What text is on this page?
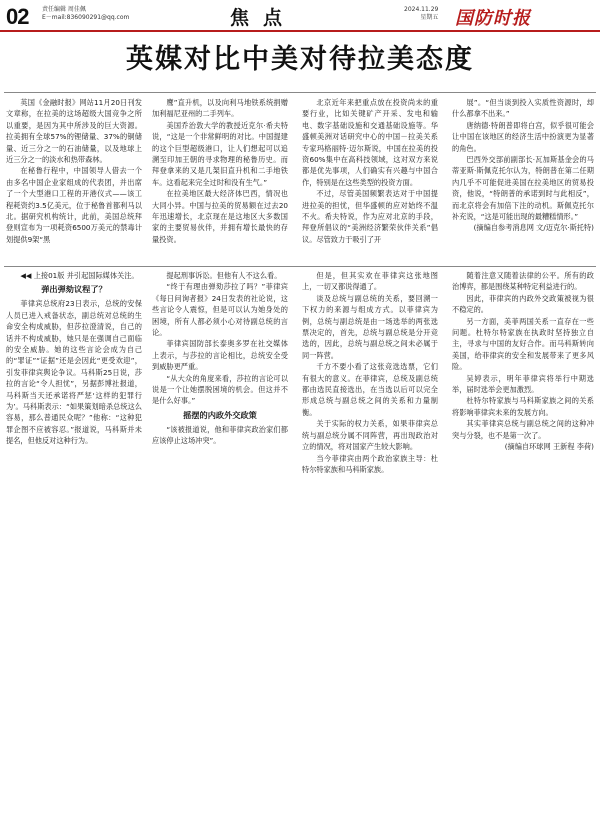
02 责任编辑 周佳佩
E－mail:836090291@qq.com	焦点	2024.11.29
星期五 国防时报
英媒对比中美对待拉美态度

英国《金融时报》网站11月20日刊发文章称，在拉美的这场超级大国竞争之所以重要，是因为其中所涉及的巨大资源。拉美拥有全球57%的锂储量、37%的铜储量、近三分之一的石油储量，以及地球上近三分之一的淡水和热带森林。

在秘鲁行程中，中国领导人借去一个由多名中国企业家组成的代表团，并出席了一个大型港口工程的开港仪式——该工程耗资约3.5亿美元，位于秘鲁首都利马以北。据研究机构统计，此前，美国总统拜登则宣布为一项耗资6500万美元的禁毒计划提供9架“黑

鹰”直升机，以及向利马地铁系统捐赠加利福尼亚州的二手列车。

美国乔治敦大学的教授近克尔·希夫特说，“这是一个非常鲜明的对比。中国提建的这个巨型超级港口，让人们想起可以追溯至印加王朝的寻求物理的秘鲁历史。而拜登拿来的又是几架旧直升机和二手地铁车。这看起来完全过时和没有生气。”

在拉美地区最大经济体巴西，情况也大同小异。中国与拉美的贸易额在过去20年迅速增长，北京现在是这地区大多数国家的主要贸易伙伴，并拥有增长最快的存量投资。

北京近年来把重点放在投资尚未的重要行业，比如关键矿产开采、发电和输电、数字基础设施和交通基础设施等。华盛顿美洲对话研究中心的中国－拉美关系专家玛格丽特·迈尔斯说，中国在拉美的投资60%集中在高科技领域，这对双方来说都是优先事项，人们确实有兴趣与中国合作，特别是在这些类型的投资方面。

不过，尽管美国频繁表达对于中国提进拉美的担忧，但华盛顿的应对始终不温不火。希夫特说，作为应对北京的手段，拜登所倡议的“美洲经济繁荣伙伴关系”倡议。尽管致力于吸引了开

展”。“但当谈到投入实质性资源时，却什么都拿不出来。”

唐纳德·特朗普即将白宫，似乎很可能会让中国在该地区的经济生活中扮演更为显著的角色。

巴西外交部前副部长·瓦加斯基金会的马蒂亚斯·斯佩克托尔认为，特朗普在第二任期内几乎不可能促进美国在拉美地区的贸易投资，他说，“特朗普的承诺到时与此相反”，而北京将会有加倍下注的动机。斯佩克托尔补充说，“这是可能出现的最糟糕情形。”

(摘编自参考消息网 文/迈克尔·斯托特)

◀◀ 上接01版 并引起国际媒体关注。

弹出弹劾议程了？

菲律宾总统府23日表示，总统的安保人员已进入戒备状态，副总统对总统的生命安全构成威胁，但莎拉澄清说，自己的话并不构成威胁，她只是在强调自己面临的安全威胁。她的这些言论会成为自己的“罪证”“证据”还是会因此“更受欢迎”，引发菲律宾舆论争议。马科斯25日说，莎拉的言论“令人担忧”，另据彭博社报道，马科斯当天还承诺将严惩‘这样的犯罪行为’。马科斯表示：“如果策划暗杀总统这么容易，那么普通民众呢？”他称：“这种犯罪企图不应被容忍。”报道说，马科斯并未提名，但他反对这种行为。

提起刑事诉讼。但他有人不这么看。

“终于有理由弹劾莎拉了吗？”菲律宾《每日问询者报》24日发表的社论说，这些言论令人震惊，但是可以认为她身处的困境，所有人都必须小心对待副总统的言论。

菲律宾国防部长泰奥多罗在社交媒体上表示，与莎拉的言论相比，总统安全受到威胁更严重。

“从大众的角度来看，莎拉的言论可以说是一个让她摆脱困境的机会。但这并不是什么好事。”

摇摆的内政外交政策

“该被报道说，他和菲律宾政治家们都应该停止这场冲突”。

但是，但其实欢在菲律宾这张地图上，一切又都说得通了。

谈及总统与副总统的关系，要回溯一下权力的来源与组成方式。以菲律宾为例，总统与副总统是由一场选举的两张选票决定的，首先，总统与副总统是分开竞选的，因此，总统与副总统之间未必属于同一阵营。

千方不要小看了这张竞选选票，它们有很大的意义。在菲律宾，总统及副总统都由选民直接选出，在当选以后可以完全形成总统与副总统之间的关系和力量制衡。

关于实际的权力关系，如果菲律宾总统与副总统分属不同阵营，再出现政治对立的情况，将对国家产生较大影响。

当今菲律宾由两个政治家族主导：杜特尔特家族和马科斯家族。

随着注意又随着法律的公平。所有的政治博弈，都是围绕某种特定利益进行的。

因此，菲律宾的内政外交政策被视为很不稳定的。

另一方面，美菲两国关系一直存在一些问题。杜特尔特家族在执政时坚持独立自主，寻求与中国的友好合作。而马科斯转向美国，给菲律宾的安全和发展带来了更多风险。

吴婷表示，明年菲律宾将举行中期选举，届时选举会更加激烈。

杜特尔特家族与马科斯家族之间的关系将影响菲律宾未来的发展方向。

其实菲律宾总统与副总统之间的这种冲突与分裂，也不是第一次了。

(摘编自环球网 王新程 李荷)
